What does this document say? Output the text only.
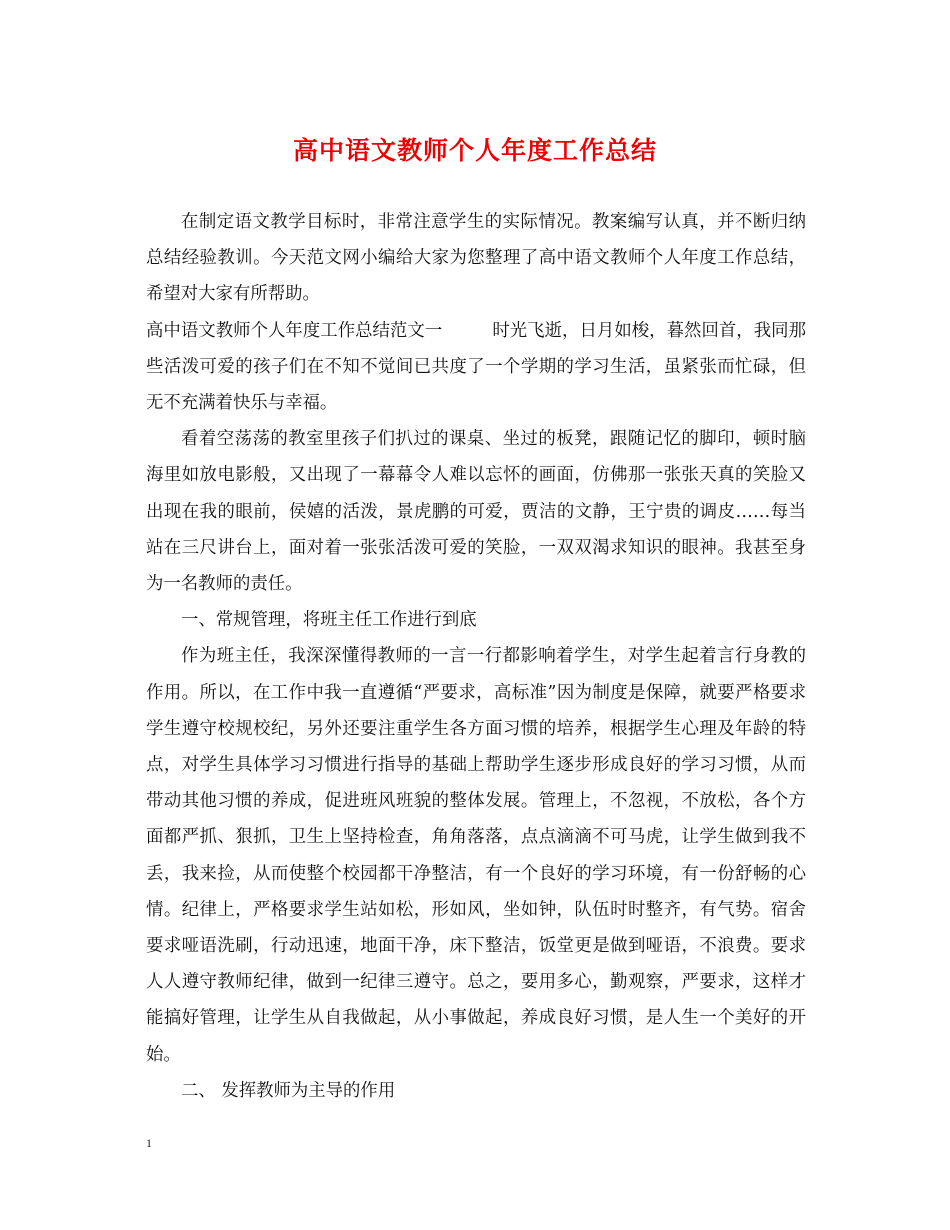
高中语文教师个人年度工作总结

在制定语文教学目标时，非常注意学生的实际情况。教案编写认真，并不断归纳总结经验教训。今天范文网小编给大家为您整理了高中语文教师个人年度工作总结，希望对大家有所帮助。

高中语文教师个人年度工作总结范文一	时光飞逝，日月如梭，暮然回首，我同那些活泼可爱的孩子们在不知不觉间已共度了一个学期的学习生活，虽紧张而忙碌，但无不充满着快乐与幸福。

看着空荡荡的教室里孩子们扒过的课桌、坐过的板凳，跟随记忆的脚印，顿时脑海里如放电影般，又出现了一幕幕令人难以忘怀的画面，仿佛那一张张天真的笑脸又出现在我的眼前，侯嬉的活泼，景虎鹏的可爱，贾洁的文静，王宁贵的调皮……每当站在三尺讲台上，面对着一张张活泼可爱的笑脸，一双双渴求知识的眼神。我甚至身为一名教师的责任。

一、常规管理，将班主任工作进行到底

作为班主任，我深深懂得教师的一言一行都影响着学生，对学生起着言行身教的作用。所以，在工作中我一直遵循“严要求，高标准”因为制度是保障，就要严格要求学生遵守校规校纪，另外还要注重学生各方面习惯的培养，根据学生心理及年龄的特点，对学生具体学习习惯进行指导的基础上帮助学生逐步形成良好的学习习惯，从而带动其他习惯的养成，促进班风班貌的整体发展。管理上，不忽视，不放松，各个方面都严抓、狠抓，卫生上坚持检查，角角落落，点点滴滴不可马虎，让学生做到我不丢，我来捡，从而使整个校园都干净整洁，有一个良好的学习环境，有一份舒畅的心情。纪律上，严格要求学生站如松，形如风，坐如钟，队伍时时整齐，有气势。宿舍要求哑语洗刷，行动迅速，地面干净，床下整洁，饭堂更是做到哑语，不浪费。要求人人遵守教师纪律，做到一纪律三遵守。总之，要用多心，勤观察，严要求，这样才能搞好管理，让学生从自我做起，从小事做起，养成良好习惯，是人生一个美好的开始。

二、 发挥教师为主导的作用

1
